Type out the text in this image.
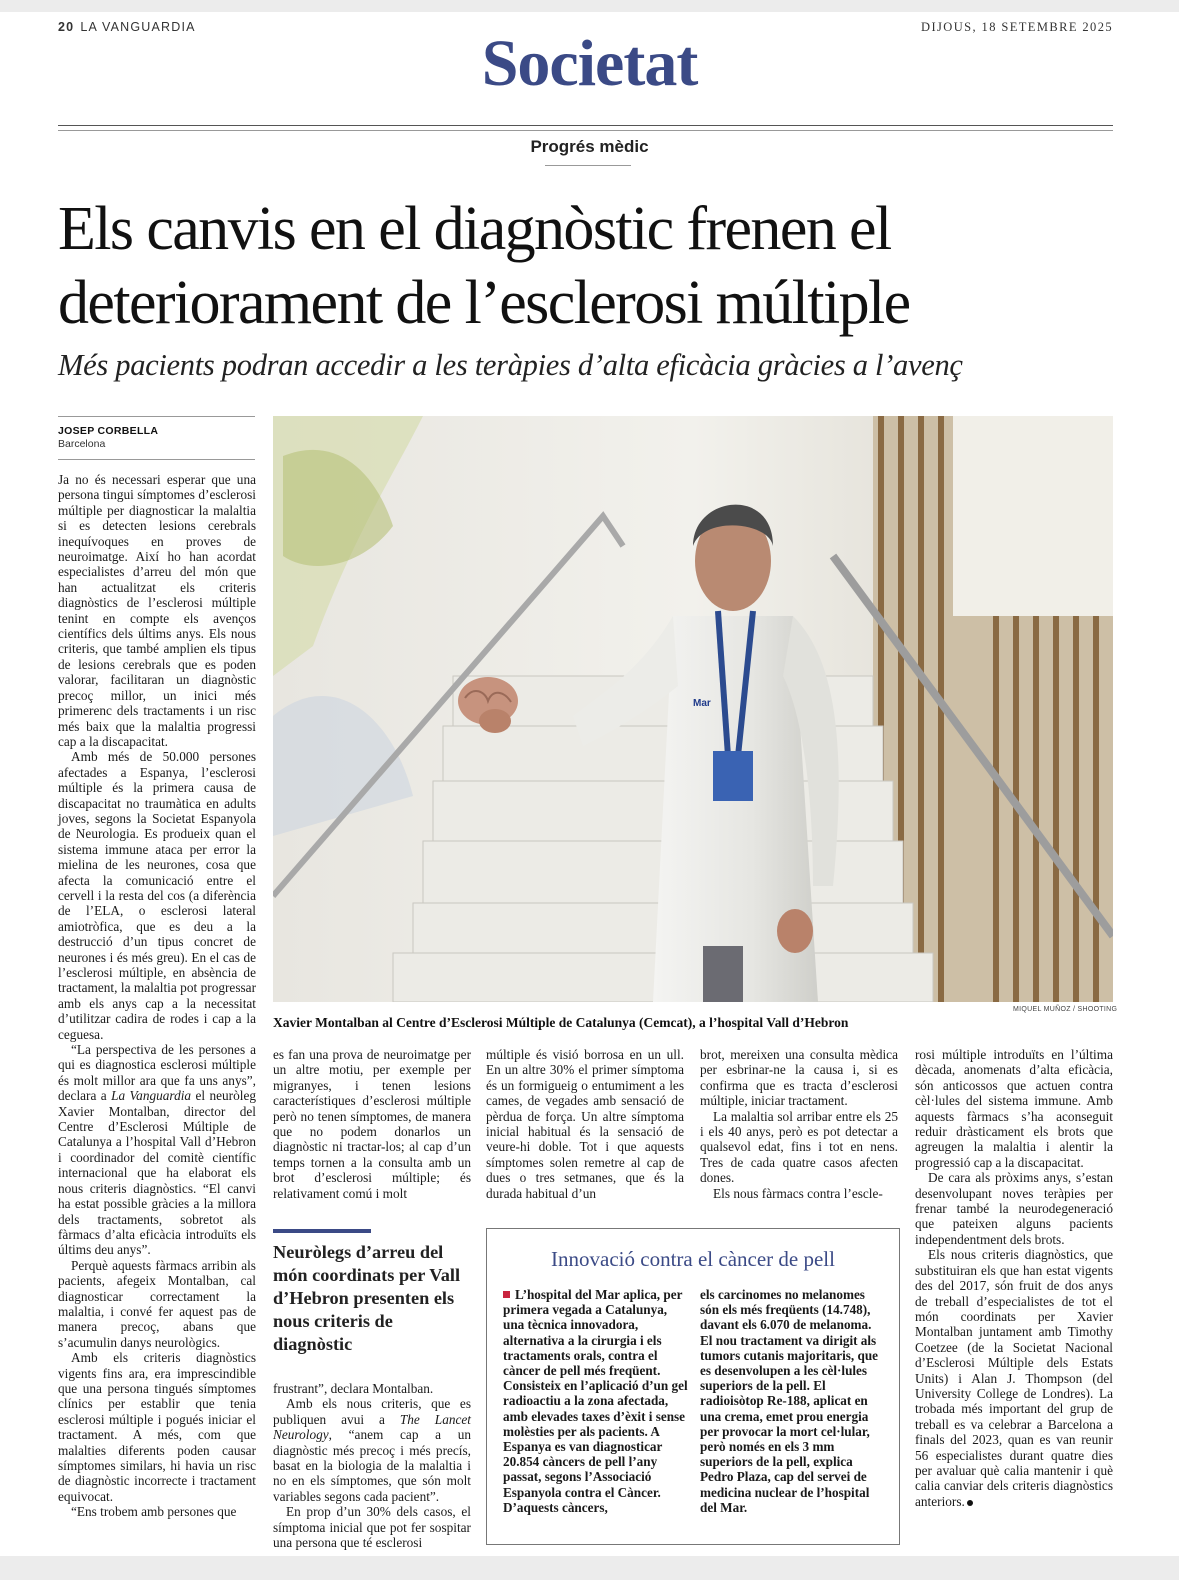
20 LA VANGUARDIA	DIJOUS, 18 SETEMBRE 2025
Societat
Progrés mèdic
Els canvis en el diagnòstic frenen el
deteriorament de l’esclerosi múltiple
Més pacients podran accedir a les teràpies d’alta eficàcia gràcies a l’avenç
JOSEP CORBELLA
Barcelona

Ja no és necessari esperar que una persona tingui símptomes d’esclerosi múltiple per diagnosticar la malaltia si es detecten lesions cerebrals inequívoques en proves de neuroimatge. Així ho han acordat especialistes d’arreu del món que han actualitzat els criteris diagnòstics de l’esclerosi múltiple tenint en compte els avenços científics dels últims anys. Els nous criteris, que també amplien els tipus de lesions cerebrals que es poden valorar, facilitaran un diagnòstic precoç millor, un inici més primerenc dels tractaments i un risc més baix que la malaltia progressi cap a la discapacitat.

Amb més de 50.000 persones afectades a Espanya, l’esclerosi múltiple és la primera causa de discapacitat no traumàtica en adults joves, segons la Societat Espanyola de Neurologia. Es produeix quan el sistema immune ataca per error la mielina de les neurones, cosa que afecta la comunicació entre el cervell i la resta del cos (a diferència de l’ELA, o esclerosi lateral amiotròfica, que es deu a la destrucció d’un tipus concret de neurones i és més greu). En el cas de l’esclerosi múltiple, en absència de tractament, la malaltia pot progressar amb els anys cap a la necessitat d’utilitzar cadira de rodes i cap a la ceguesa.

“La perspectiva de les persones a qui es diagnostica esclerosi múltiple és molt millor ara que fa uns anys”, declara a La Vanguardia el neuròleg Xavier Montalban, director del Centre d’Esclerosi Múltiple de Catalunya a l’hospital Vall d’Hebron i coordinador del comitè científic internacional que ha elaborat els nous criteris diagnòstics. “El canvi ha estat possible gràcies a la millora dels tractaments, sobretot als fàrmacs d’alta eficàcia introduïts els últims deu anys”.

Perquè aquests fàrmacs arribin als pacients, afegeix Montalban, cal diagnosticar correctament la malaltia, i convé fer aquest pas de manera precoç, abans que s’acumulin danys neurològics.

Amb els criteris diagnòstics vigents fins ara, era imprescindible que una persona tingués símptomes clínics per establir que tenia esclerosi múltiple i pogués iniciar el tractament. A més, com que malalties diferents poden causar símptomes similars, hi havia un risc de diagnòstic incorrecte i tractament equivocat.

“Ens trobem amb persones que

Mar
MIQUEL MUÑOZ / SHOOTING
Xavier Montalban al Centre d’Esclerosi Múltiple de Catalunya (Cemcat), a l’hospital Vall d’Hebron

es fan una prova de neuroimatge per un altre motiu, per exemple per migranyes, i tenen lesions característiques d’esclerosi múltiple però no tenen símptomes, de manera que no podem donarlos un diagnòstic ni tractar-los; al cap d’un temps tornen a la consulta amb un brot d’esclerosi múltiple; és relativament comú i molt

Neuròlegs d’arreu del món coordinats per Vall d’Hebron presenten els nous criteris de diagnòstic

frustrant”, declara Montalban.

Amb els nous criteris, que es publiquen avui a The Lancet Neurology, “anem cap a un diagnòstic més precoç i més precís, basat en la biologia de la malaltia i no en els símptomes, que són molt variables segons cada pacient”.

En prop d’un 30% dels casos, el símptoma inicial que pot fer sospitar una persona que té esclerosi

múltiple és visió borrosa en un ull. En un altre 30% el primer símptoma és un formigueig o entumiment a les cames, de vegades amb sensació de pèrdua de força. Un altre símptoma inicial habitual és la sensació de veure-hi doble. Tot i que aquests símptomes solen remetre al cap de dues o tres setmanes, que és la durada habitual d’un

brot, mereixen una consulta mèdica per esbrinar-ne la causa i, si es confirma que es tracta d’esclerosi múltiple, iniciar tractament.

La malaltia sol arribar entre els 25 i els 40 anys, però es pot detectar a qualsevol edat, fins i tot en nens. Tres de cada quatre casos afecten dones.

Els nous fàrmacs contra l’escle-

rosi múltiple introduïts en l’última dècada, anomenats d’alta eficàcia, són anticossos que actuen contra cèl·lules del sistema immune. Amb aquests fàrmacs s’ha aconseguit reduir dràsticament els brots que agreugen la malaltia i alentir la progressió cap a la discapacitat.

De cara als pròxims anys, s’estan desenvolupant noves teràpies per frenar també la neurodegeneració que pateixen alguns pacients independentment dels brots.

Els nous criteris diagnòstics, que substituiran els que han estat vigents des del 2017, són fruit de dos anys de treball d’especialistes de tot el món coordinats per Xavier Montalban juntament amb Timothy Coetzee (de la Societat Nacional d’Esclerosi Múltiple dels Estats Units) i Alan J. Thompson (del University College de Londres). La trobada més important del grup de treball es va celebrar a Barcelona a finals del 2023, quan es van reunir 56 especialistes durant quatre dies per avaluar què calia mantenir i què calia canviar dels criteris diagnòstics anteriors.

Innovació contra el càncer de pell
L’hospital del Mar aplica, per primera vegada a Catalunya, una tècnica innovadora, alternativa a la cirurgia i els tractaments orals, contra el càncer de pell més freqüent. Consisteix en l’aplicació d’un gel radioactiu a la zona afectada, amb elevades taxes d’èxit i sense molèsties per als pacients. A Espanya es van diagnosticar 20.854 càncers de pell l’any passat, segons l’Associació Espanyola contra el Càncer. D’aquests càncers,
els carcinomes no melanomes són els més freqüents (14.748), davant els 6.070 de melanoma. El nou tractament va dirigit als tumors cutanis majoritaris, que es desenvolupen a les cèl·lules superiors de la pell. El radioisòtop Re-188, aplicat en una crema, emet prou energia per provocar la mort cel·lular, però només en els 3 mm superiors de la pell, explica Pedro Plaza, cap del servei de medicina nuclear de l’hospital del Mar.
